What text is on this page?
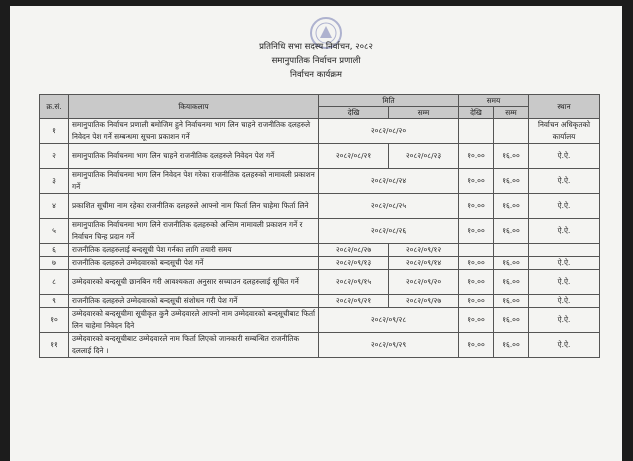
प्रतिनिधि सभा सदस्य निर्वाचन, २०८२
समानुपातिक निर्वाचन प्रणाली
निर्वाचन कार्यक्रम
क्र.सं.	कियाकलाप	मिति		समय		स्थान
		देखि	सम्म	देखि	सम्म	
१	समानुपातिक निर्वाचन प्रणाली बमोजिम हुने निर्वाचनमा भाग लिन चाहने राजनीतिक दलहरुले निवेदन पेश गर्ने सम्बन्धमा सूचना प्रकाशन गर्ने	२०८२/०८/२०				निर्वाचन अधिकृतको कार्यालय
२	समानुपातिक निर्वाचनमा भाग लिन चाहने राजनीतिक दलहरुले निवेदन पेश गर्ने	२०८२/०८/२१	२०८२/०८/२३	१०.००	१६.००	ऐ.ऐ.
३	समानुपातिक निर्वाचनमा भाग लिन निवेदन पेश गरेका राजनीतिक दलहरुको नामावली प्रकाशन गर्ने	२०८२/०८/२४		१०.००	१६.००	ऐ.ऐ.
४	प्रकाशित सूचीमा नाम रहेका राजनीतिक दलहरुले आफ्नो नाम फिर्ता लिन चाहेमा फिर्ता लिने	२०८२/०८/२५		१०.००	१६.००	ऐ.ऐ.
५	समानुपातिक निर्वाचनमा भाग लिने राजनीतिक दलहरुको अन्तिम नामावली प्रकाशन गर्ने र निर्वाचन चिन्ह प्रदान गर्ने	२०८२/०८/२६		१०.००	१६.००	ऐ.ऐ.
६	राजनीतिक दलहरुलाई बन्दसूची पेश गर्नका लागि तयारी समय	२०८२/०८/२७	२०८२/०९/१२			
७	राजनीतिक दलहरुले उम्मेदवारको बन्दसूची पेश गर्ने	२०८२/०९/१३	२०८२/०९/१४	१०.००	१६.००	ऐ.ऐ.
८	उम्मेदवारको बन्दसूची छानबिन गरी आवश्यकता अनुसार सच्याउन दलहरुलाई सूचित गर्ने	२०८२/०९/१५	२०८२/०९/२०	१०.००	१६.००	ऐ.ऐ.
९	राजनीतिक दलहरुले उम्मेदवारको बन्दसूची संशोधन गरी पेश गर्ने	२०८२/०९/२१	२०८२/०९/२७	१०.००	१६.००	ऐ.ऐ.
१०	उम्मेदवारको बन्दसूचीमा सूचीकृत कुनै उम्मेदवारले आफ्नो नाम उम्मेदवारको बन्दसूचीबाट फिर्ता लिन चाहेमा निवेदन दिने	२०८२/०९/२८		१०.००	१६.००	ऐ.ऐ.
११	उम्मेदवारको बन्दसूचीबाट उम्मेदवारले नाम फिर्ता लिएको जानकारी सम्बन्धित राजनीतिक दललाई दिने ।	२०८२/०९/२९		१०.००	१६.००	ऐ.ऐ.
